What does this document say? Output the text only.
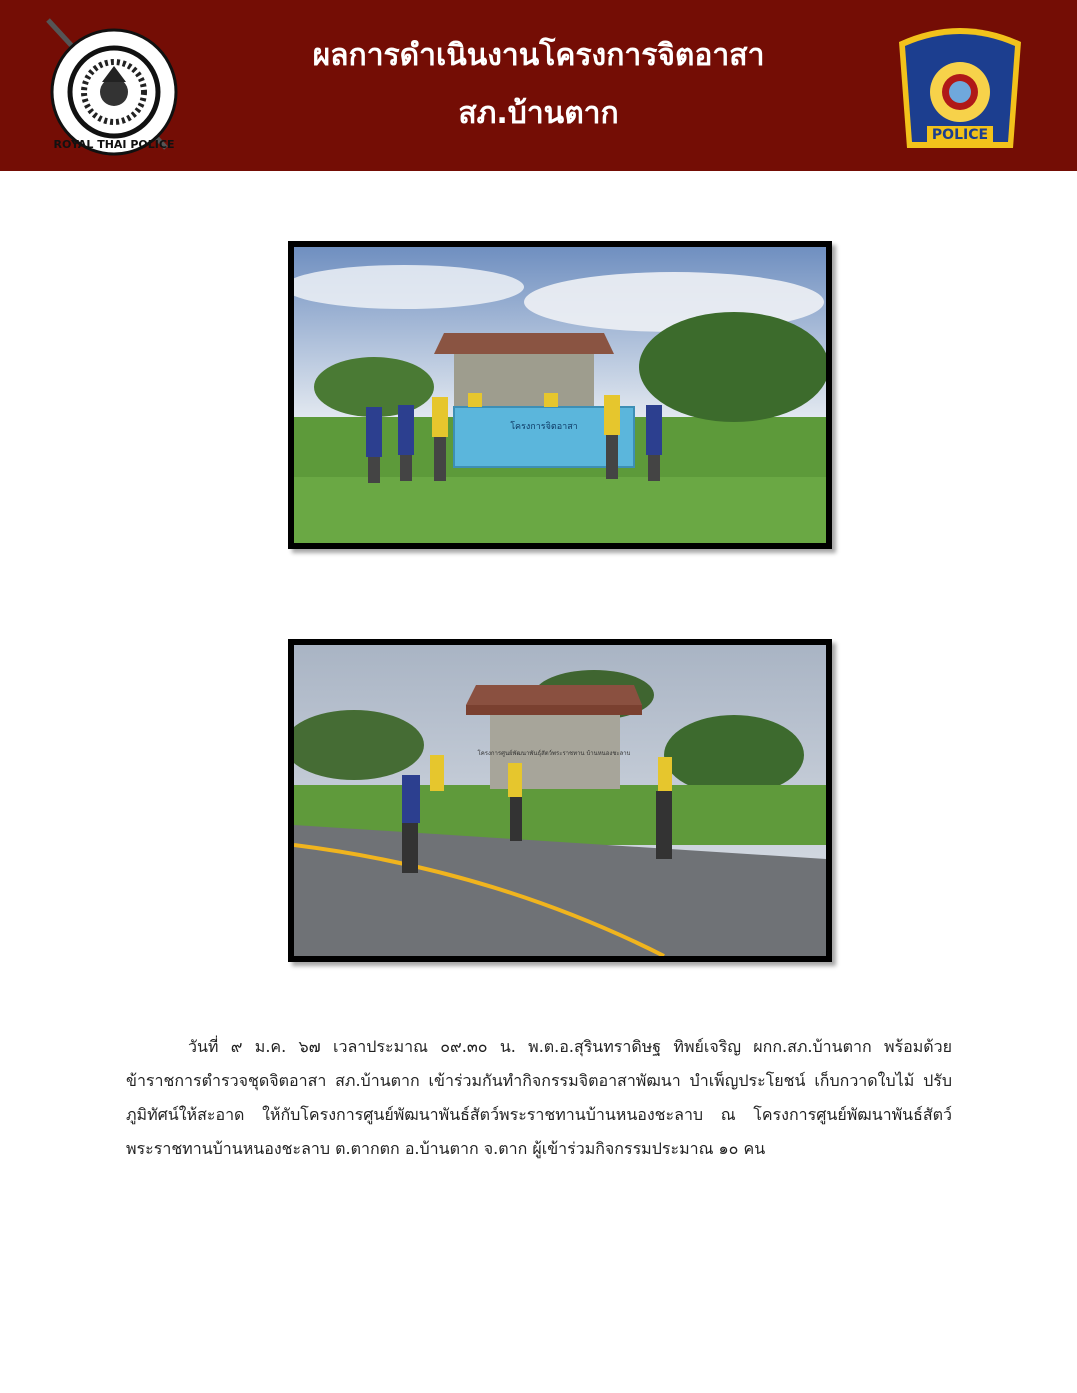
ROYAL THAI POLICE
ผลการดำเนินงานโครงการจิตอาสา
สภ.บ้านตาก
POLICE
โครงการจิตอาสา
โครงการศูนย์พัฒนาพันธุ์สัตว์พระราชทาน บ้านหนองชะลาบ

วันที่ ๙ ม.ค. ๖๗ เวลาประมาณ ๐๙.๓๐ น. พ.ต.อ.สุรินทราดิษฐ ทิพย์เจริญ ผกก.สภ.บ้านตาก พร้อมด้วยข้าราชการตำรวจชุดจิตอาสา สภ.บ้านตาก เข้าร่วมกันทำกิจกรรมจิตอาสาพัฒนา บำเพ็ญประโยชน์ เก็บกวาดใบไม้ ปรับภูมิทัศน์ให้สะอาด ให้กับโครงการศูนย์พัฒนาพันธ์สัตว์พระราชทานบ้านหนองชะลาบ ณ โครงการศูนย์พัฒนาพันธ์สัตว์พระราชทานบ้านหนองชะลาบ ต.ตากตก อ.บ้านตาก จ.ตาก ผู้เข้าร่วมกิจกรรมประมาณ ๑๐ คน
